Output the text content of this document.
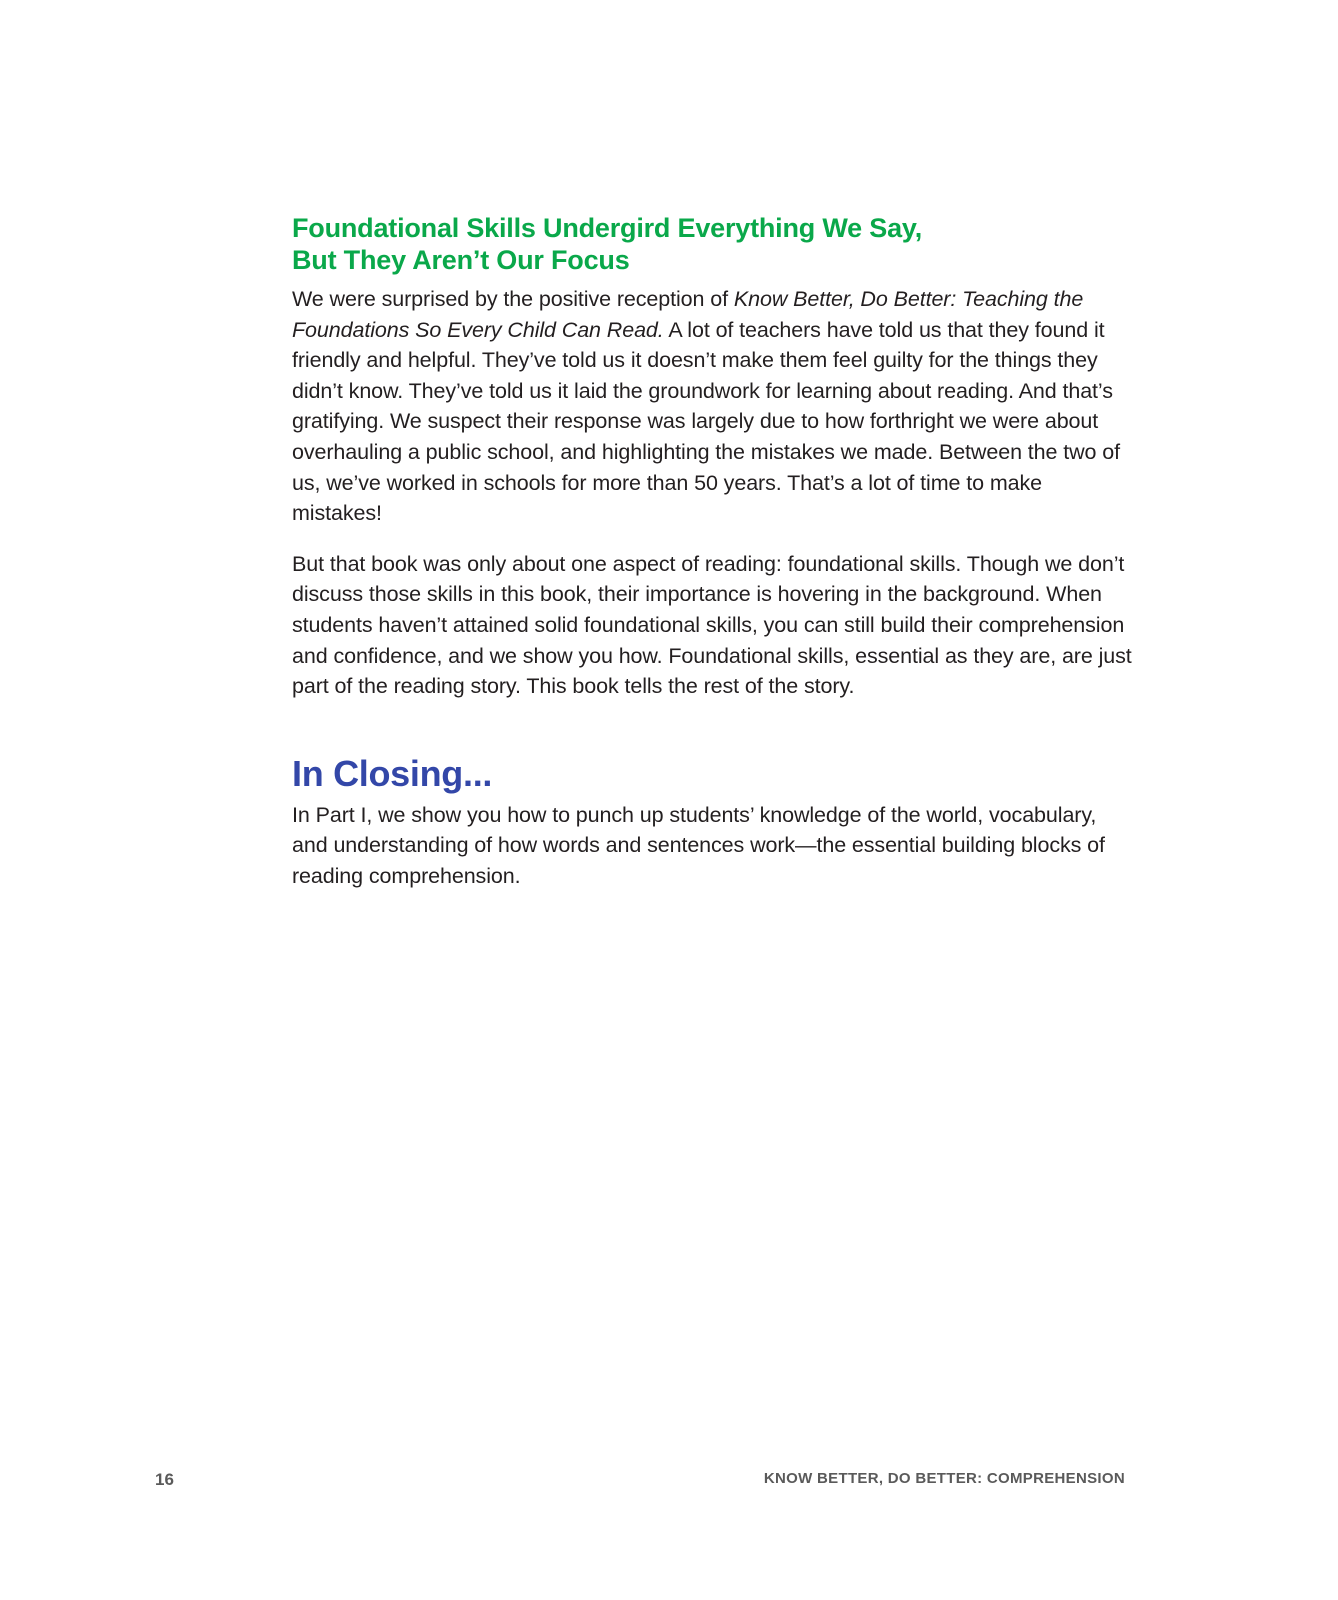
Foundational Skills Undergird Everything We Say,
But They Aren’t Our Focus

We were surprised by the positive reception of Know Better, Do Better: Teaching the Foundations So Every Child Can Read. A lot of teachers have told us that they found it friendly and helpful. They’ve told us it doesn’t make them feel guilty for the things they didn’t know. They’ve told us it laid the groundwork for learning about reading. And that’s gratifying. We suspect their response was largely due to how forthright we were about overhauling a public school, and highlighting the mistakes we made. Between the two of us, we’ve worked in schools for more than 50 years. That’s a lot of time to make mistakes!

But that book was only about one aspect of reading: foundational skills. Though we don’t discuss those skills in this book, their importance is hovering in the background. When students haven’t attained solid foundational skills, you can still build their comprehension and confidence, and we show you how. Foundational skills, essential as they are, are just part of the reading story. This book tells the rest of the story.

In Closing...

In Part I, we show you how to punch up students’ knowledge of the world, vocabulary, and understanding of how words and sentences work—the essential building blocks of reading comprehension.

16	KNOW BETTER, DO BETTER: COMPREHENSION
